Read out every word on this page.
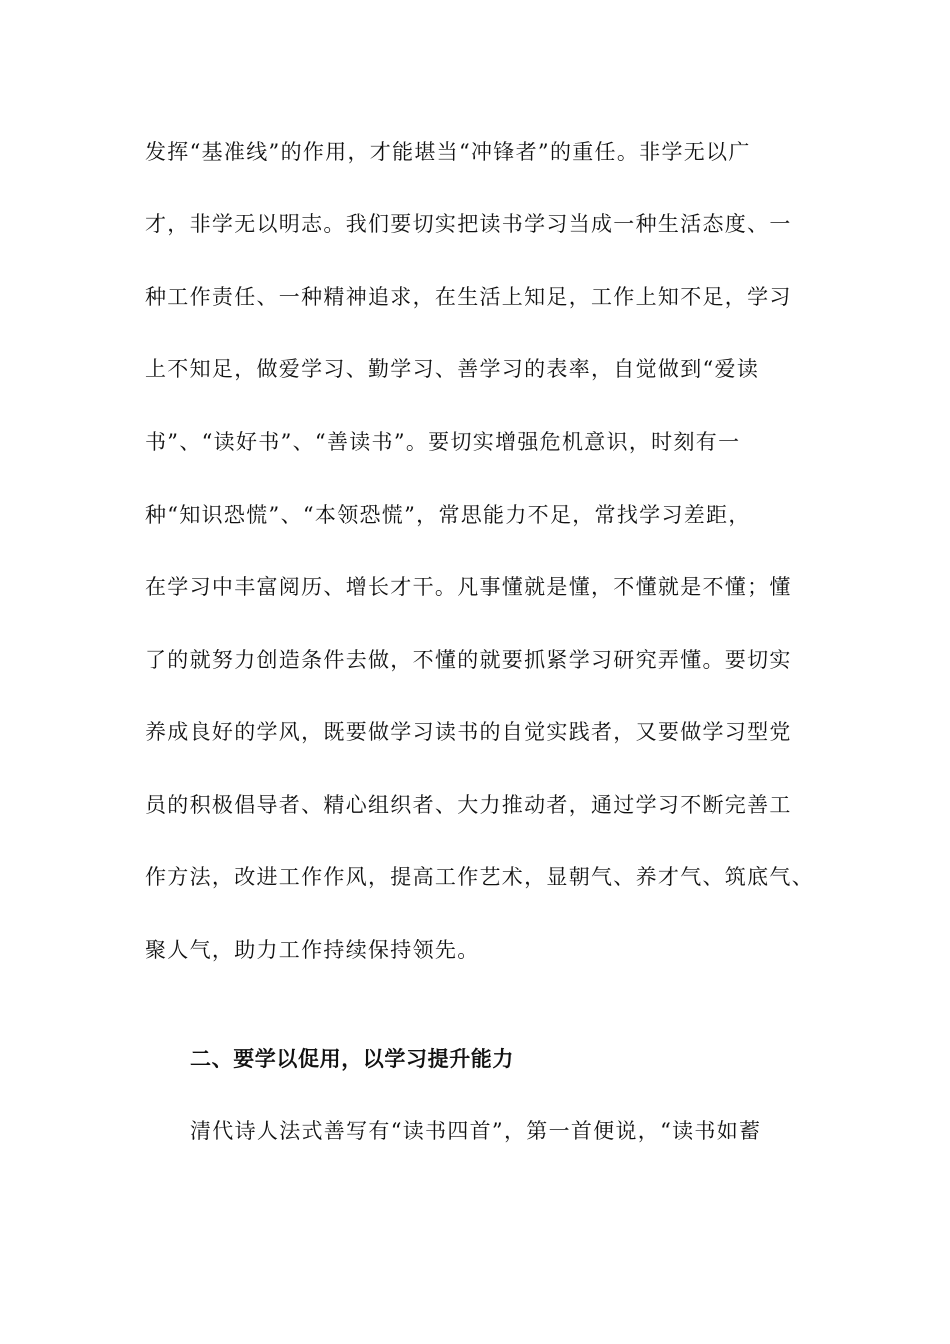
发挥“基准线”的作用，才能堪当“冲锋者”的重任。非学无以广
才，非学无以明志。我们要切实把读书学习当成一种生活态度、一
种工作责任、一种精神追求，在生活上知足，工作上知不足，学习
上不知足，做爱学习、勤学习、善学习的表率，自觉做到“爱读
书”、“读好书”、“善读书”。要切实增强危机意识，时刻有一
种“知识恐慌”、“本领恐慌”，常思能力不足，常找学习差距，
在学习中丰富阅历、增长才干。凡事懂就是懂，不懂就是不懂；懂
了的就努力创造条件去做，不懂的就要抓紧学习研究弄懂。要切实
养成良好的学风，既要做学习读书的自觉实践者，又要做学习型党
员的积极倡导者、精心组织者、大力推动者，通过学习不断完善工
作方法，改进工作作风，提高工作艺术，显朝气、养才气、筑底气、
聚人气，助力工作持续保持领先。
二、要学以促用，以学习提升能力
清代诗人法式善写有“读书四首”，第一首便说，“读书如蓄
